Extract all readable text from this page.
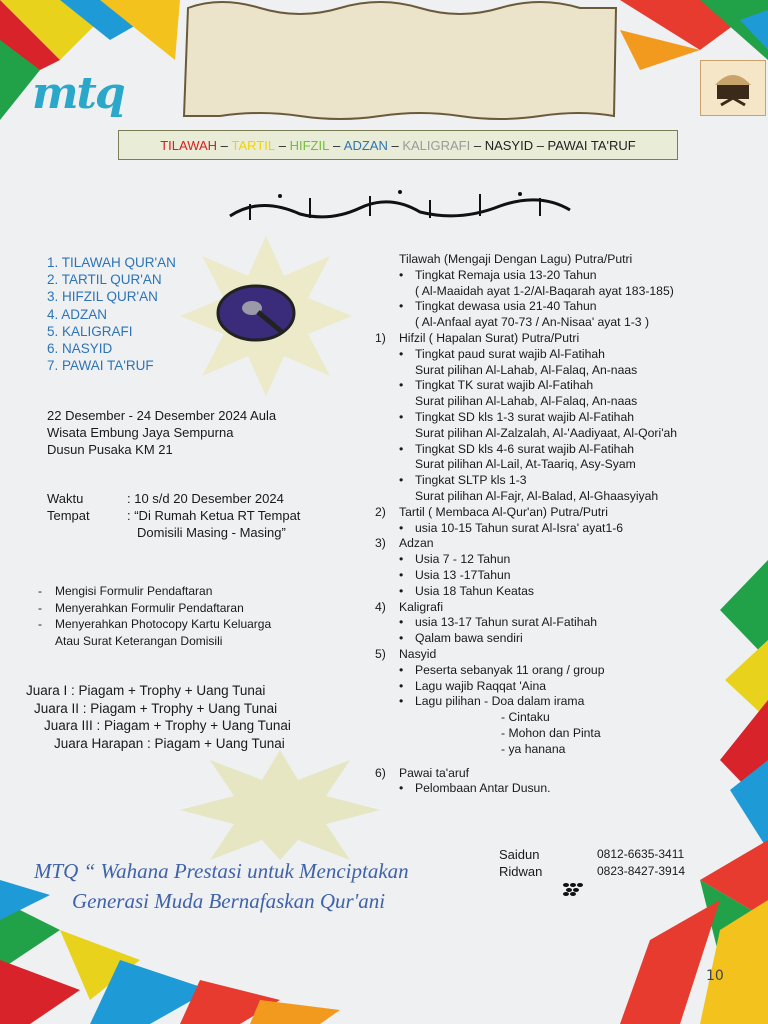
mtq
TILAWAH – TARTIL – HIFZIL – ADZAN – KALIGRAFI – NASYID – PAWAI TA'RUF
1. TILAWAH QUR'AN
2. TARTIL QUR'AN
3. HIFZIL QUR'AN
4. ADZAN
5. KALIGRAFI
6. NASYID
7. PAWAI TA'RUF
22 Desember - 24 Desember 2024 Aula
Wisata Embung Jaya Sempurna
Dusun Pusaka KM 21
Waktu	: 10 s/d 20 Desember 2024
Tempat	: “Di Rumah Ketua RT Tempat
Domisili Masing - Masing”
-	Mengisi Formulir Pendaftaran
-	Menyerahkan Formulir Pendaftaran
-	Menyerahkan Photocopy Kartu Keluarga
Atau Surat Keterangan Domisili
Juara I : Piagam + Trophy + Uang Tunai
Juara II : Piagam + Trophy + Uang Tunai
Juara III : Piagam + Trophy + Uang Tunai
Juara Harapan : Piagam + Uang Tunai
Tilawah (Mengaji Dengan Lagu) Putra/Putri
• Tingkat Remaja usia 13-20 Tahun
( Al-Maaidah ayat 1-2/Al-Baqarah ayat 183-185)
• Tingkat dewasa usia 21-40 Tahun
( Al-Anfaal ayat 70-73 / An-Nisaa' ayat 1-3 )
1) Hifzil ( Hapalan Surat) Putra/Putri
• Tingkat paud surat wajib Al-Fatihah
Surat pilihan Al-Lahab, Al-Falaq, An-naas
• Tingkat TK surat wajib Al-Fatihah
Surat pilihan Al-Lahab, Al-Falaq, An-naas
• Tingkat SD kls 1-3 surat wajib Al-Fatihah
Surat pilihan Al-Zalzalah, Al-'Aadiyaat, Al-Qori'ah
• Tingkat SD kls 4-6 surat wajib Al-Fatihah
Surat pilihan Al-Lail, At-Taariq, Asy-Syam
• Tingkat SLTP kls 1-3
Surat pilihan Al-Fajr, Al-Balad, Al-Ghaasyiyah
2) Tartil ( Membaca Al-Qur'an) Putra/Putri
• usia 10-15 Tahun surat Al-Isra' ayat1-6
3) Adzan
• Usia 7 - 12 Tahun
• Usia 13 -17Tahun
• Usia 18 Tahun Keatas
4) Kaligrafi
• usia 13-17 Tahun surat Al-Fatihah
• Qalam bawa sendiri
5) Nasyid
• Peserta sebanyak 11 orang / group
• Lagu wajib Raqqat 'Aina
• Lagu pilihan - Doa dalam irama
- Cintaku
- Mohon dan Pinta
- ya hanana
6) Pawai ta'aruf
• Pelombaan Antar Dusun.
MTQ “ Wahana Prestasi untuk Menciptakan
Generasi Muda Bernafaskan Qur'ani
Saidun	0812-6635-3411
Ridwan	0823-8427-3914
10
